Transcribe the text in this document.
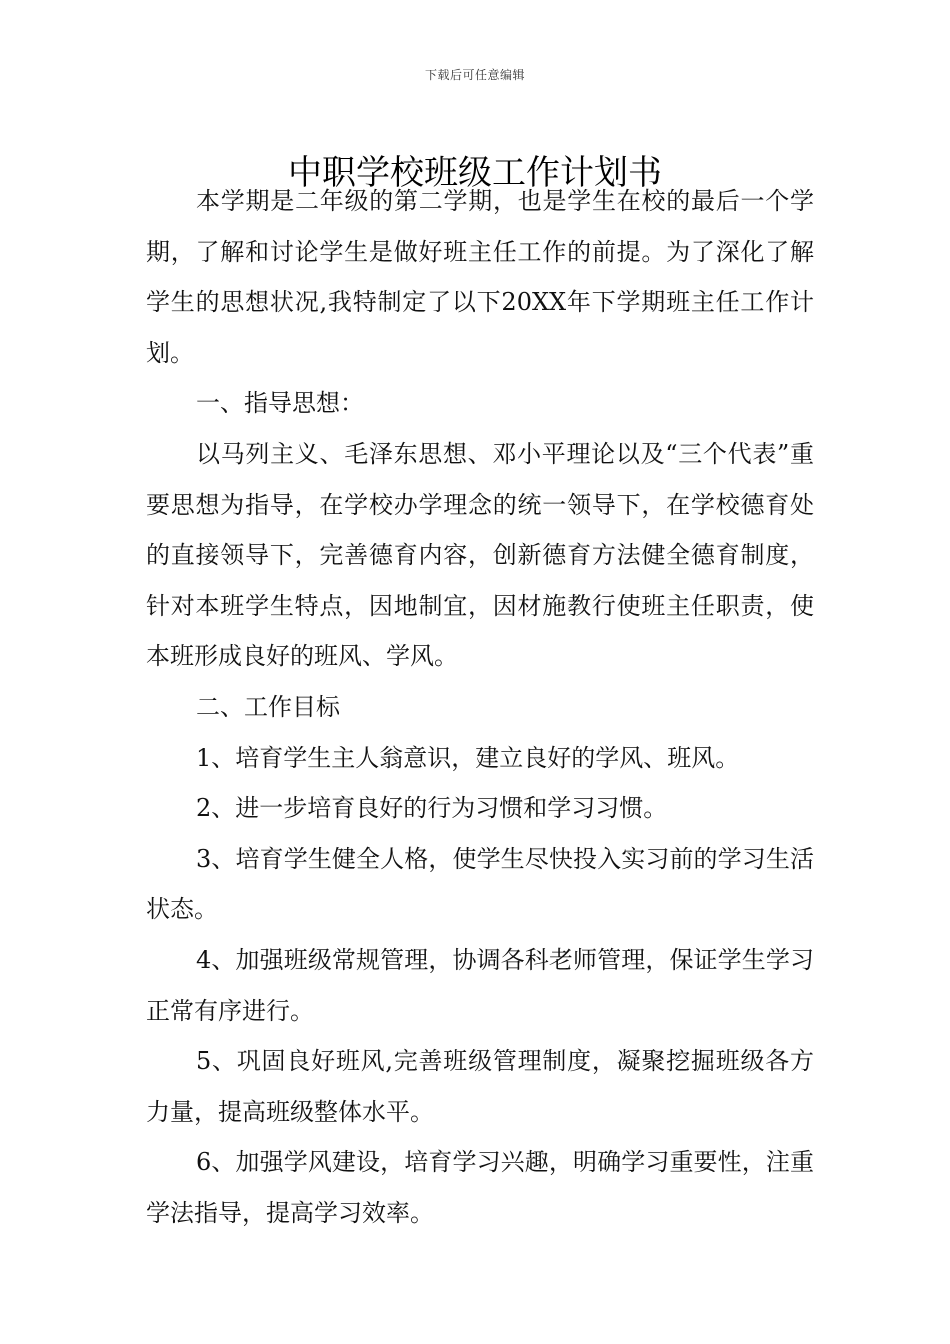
下载后可任意编辑
中职学校班级工作计划书

本学期是二年级的第二学期，也是学生在校的最后一个学期，了解和讨论学生是做好班主任工作的前提。为了深化了解学生的思想状况,我特制定了以下20XX年下学期班主任工作计划。

一、指导思想：

以马列主义、毛泽东思想、邓小平理论以及“三个代表”重要思想为指导，在学校办学理念的统一领导下，在学校德育处的直接领导下，完善德育内容，创新德育方法健全德育制度，针对本班学生特点，因地制宜，因材施教行使班主任职责，使本班形成良好的班风、学风。

二、工作目标

1、培育学生主人翁意识，建立良好的学风、班风。

2、进一步培育良好的行为习惯和学习习惯。

3、培育学生健全人格，使学生尽快投入实习前的学习生活状态。

4、加强班级常规管理，协调各科老师管理，保证学生学习正常有序进行。

5、巩固良好班风,完善班级管理制度，凝聚挖掘班级各方力量，提高班级整体水平。

6、加强学风建设，培育学习兴趣，明确学习重要性，注重学法指导，提高学习效率。
